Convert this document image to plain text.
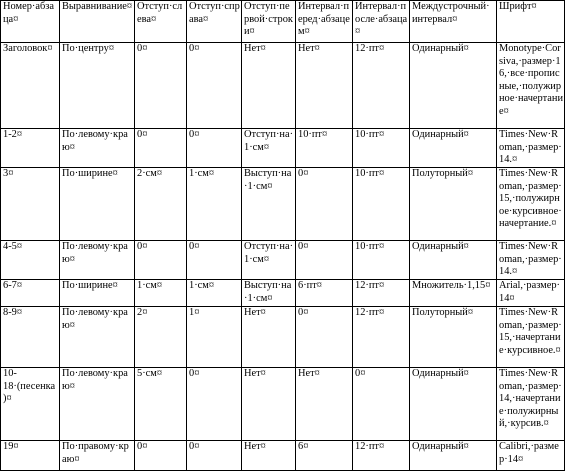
Номер·абзаца¤	Выравнивание¤	Отступ·слева¤	Отступ·справа¤	Отступ·первой·строки¤	Интервал·перед·абзацем¤	Интервал·после·абзаца¤	Междустрочный·интервал¤	Шрифт¤

Заголовок¤	По·центру¤	0¤	0¤	Нет¤	Нет¤	12·пт¤	Одинарный¤	Monotype·Corsiva,·размер·16,·все·прописные,·полужирное·начертание¤

1-2¤	По·левому·краю¤	0¤	0¤	Отступ·на·1·см¤	10·пт¤	10·пт¤	Одинарный¤	Times·New·Roman,·размер·14.¤

3¤	По·ширине¤	2·см¤	1·см¤	Выступ·на·1·см¤	0¤	10·пт¤	Полуторный¤	Times·New·Roman,·размер·15,·полужирное·курсивное·начертание.¤

4-5¤	По·левому·краю¤	0¤	0¤	Отступ·на·1·см¤	0¤	10·пт¤	Одинарный¤	Times·New·Roman,·размер·14.¤

6-7¤	По·ширине¤	1·см¤	1·см¤	Выступ·на·1·см¤	6·пт¤	12·пт¤	Множитель·1,15¤	Arial,·размер·14¤

8-9¤	По·левому·краю¤	2¤	1¤	Нет¤	0¤	12·пт¤	Полуторный¤	Times·New·Roman,·размер·15,·начертание·курсивное.¤

10-18·(песенка)¤	По·левому·краю¤	5·см¤	0¤	Нет¤	Нет¤	0¤	Одинарный¤	Times·New·Roman,·размер·14,·начертание·полужирный,·курсив.¤

19¤	По·правому·краю¤	0¤	0¤	Нет¤	6¤	12·пт¤	Одинарный¤	Calibri,·размер·14¤
